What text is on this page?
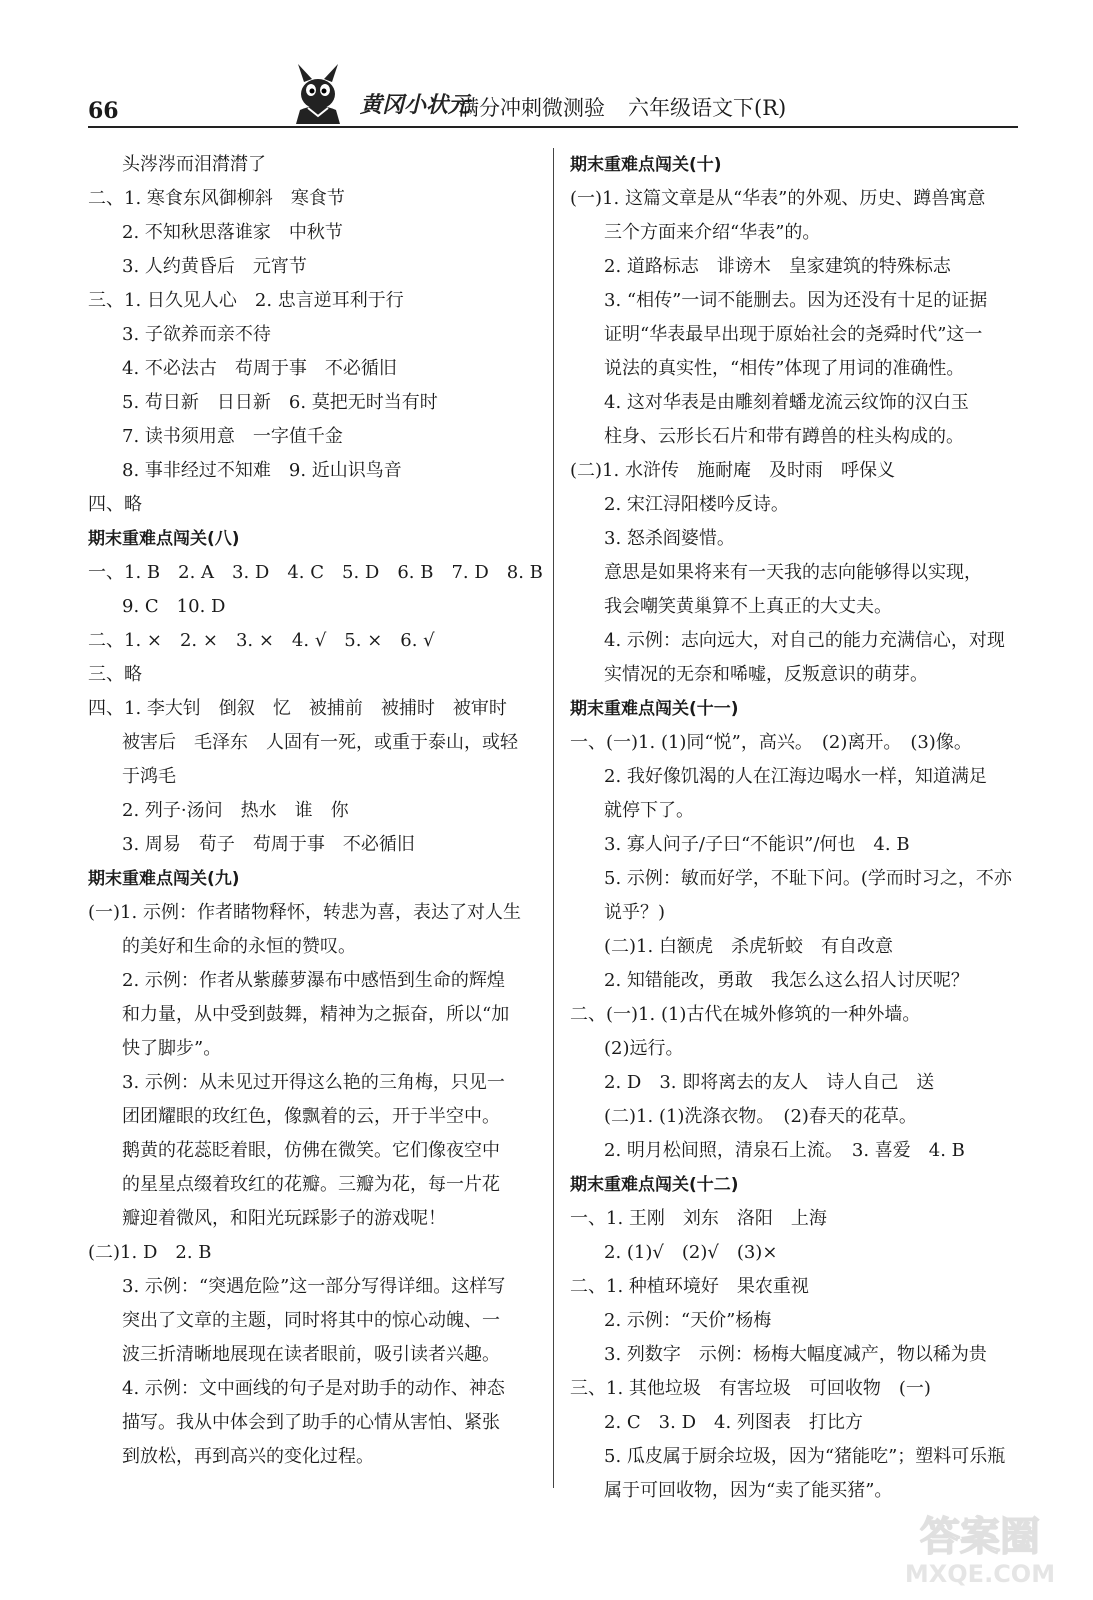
66	黄冈小状元
满分冲刺微测验 六年级语文下(R)
头涔涔而泪潸潸了
二、1. 寒食东风御柳斜　寒食节
2. 不知秋思落谁家　中秋节
3. 人约黄昏后　元宵节
三、1. 日久见人心　2. 忠言逆耳利于行
3. 子欲养而亲不待
4. 不必法古　苟周于事　不必循旧
5. 苟日新　日日新　6. 莫把无时当有时
7. 读书须用意　一字值千金
8. 事非经过不知难　9. 近山识鸟音
四、略
期末重难点闯关(八)
一、1. B　2. A　3. D　4. C　5. D　6. B　7. D　8. B
9. C　10. D
二、1. ×　2. ×　3. ×　4. √　5. ×　6. √
三、略
四、1. 李大钊　倒叙　忆　被捕前　被捕时　被审时
被害后　毛泽东　人固有一死，或重于泰山，或轻
于鸿毛
2. 列子·汤问　热水　谁　你
3. 周易　荀子　苟周于事　不必循旧
期末重难点闯关(九)
(一)1. 示例：作者睹物释怀，转悲为喜，表达了对人生
的美好和生命的永恒的赞叹。
2. 示例：作者从紫藤萝瀑布中感悟到生命的辉煌
和力量，从中受到鼓舞，精神为之振奋，所以“加
快了脚步”。
3. 示例：从未见过开得这么艳的三角梅，只见一
团团耀眼的玫红色，像飘着的云，开于半空中。
鹅黄的花蕊眨着眼，仿佛在微笑。它们像夜空中
的星星点缀着玫红的花瓣。三瓣为花，每一片花
瓣迎着微风，和阳光玩踩影子的游戏呢！
(二)1. D　2. B
3. 示例：“突遇危险”这一部分写得详细。这样写
突出了文章的主题，同时将其中的惊心动魄、一
波三折清晰地展现在读者眼前，吸引读者兴趣。
4. 示例：文中画线的句子是对助手的动作、神态
描写。我从中体会到了助手的心情从害怕、紧张
到放松，再到高兴的变化过程。
期末重难点闯关(十)
(一)1. 这篇文章是从“华表”的外观、历史、蹲兽寓意
三个方面来介绍“华表”的。
2. 道路标志　诽谤木　皇家建筑的特殊标志
3. “相传”一词不能删去。因为还没有十足的证据
证明“华表最早出现于原始社会的尧舜时代”这一
说法的真实性，“相传”体现了用词的准确性。
4. 这对华表是由雕刻着蟠龙流云纹饰的汉白玉
柱身、云形长石片和带有蹲兽的柱头构成的。
(二)1. 水浒传　施耐庵　及时雨　呼保义
2. 宋江浔阳楼吟反诗。
3. 怒杀阎婆惜。
意思是如果将来有一天我的志向能够得以实现，
我会嘲笑黄巢算不上真正的大丈夫。
4. 示例：志向远大，对自己的能力充满信心，对现
实情况的无奈和唏嘘，反叛意识的萌芽。
期末重难点闯关(十一)
一、(一)1. (1)同“悦”，高兴。　(2)离开。　(3)像。
2. 我好像饥渴的人在江海边喝水一样，知道满足
就停下了。
3. 寡人问子/子曰“不能识”/何也　4. B
5. 示例：敏而好学，不耻下问。(学而时习之，不亦
说乎？)
(二)1. 白额虎　杀虎斩蛟　有自改意
2. 知错能改，勇敢　我怎么这么招人讨厌呢？
二、(一)1. (1)古代在城外修筑的一种外墙。
(2)远行。
2. D　3. 即将离去的友人　诗人自己　送
(二)1. (1)洗涤衣物。　(2)春天的花草。
2. 明月松间照，清泉石上流。　3. 喜爱　4. B
期末重难点闯关(十二)
一、1. 王刚　刘东　洛阳　上海
2. (1)√　(2)√　(3)×
二、1. 种植环境好　果农重视
2. 示例：“天价”杨梅
3. 列数字　示例：杨梅大幅度减产，物以稀为贵
三、1. 其他垃圾　有害垃圾　可回收物　(一)
2. C　3. D　4. 列图表　打比方
5. 瓜皮属于厨余垃圾，因为“猪能吃”；塑料可乐瓶
属于可回收物，因为“卖了能买猪”。
答案圈
MXQE.COM
